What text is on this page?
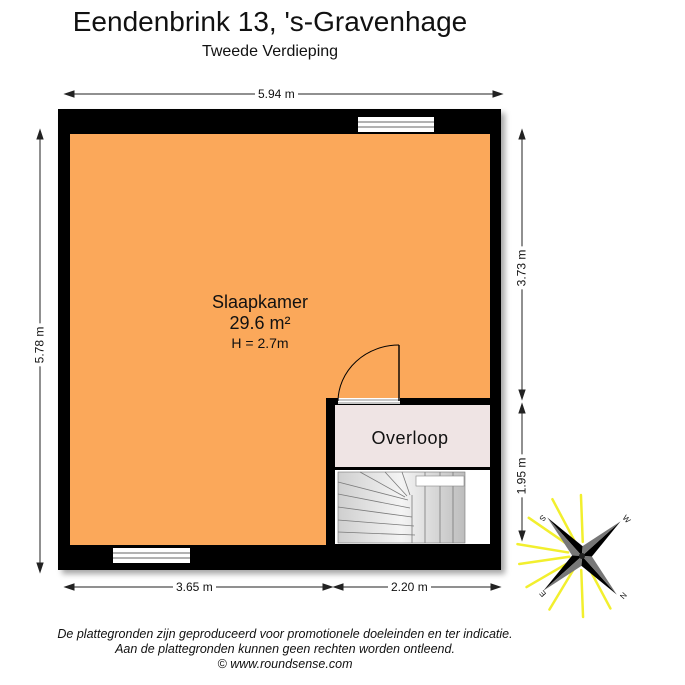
Eendenbrink 13, 's-Gravenhage
Tweede Verdieping
W
S
E	N
5.94 m
5.78 m
3.73 m
1.95 m
3.65 m	2.20 m
Slaapkamer
29.6 m²
H = 2.7m
Overloop
De plattegronden zijn geproduceerd voor promotionele doeleinden en ter indicatie.
Aan de plattegronden kunnen geen rechten worden ontleend.
© www.roundsense.com
